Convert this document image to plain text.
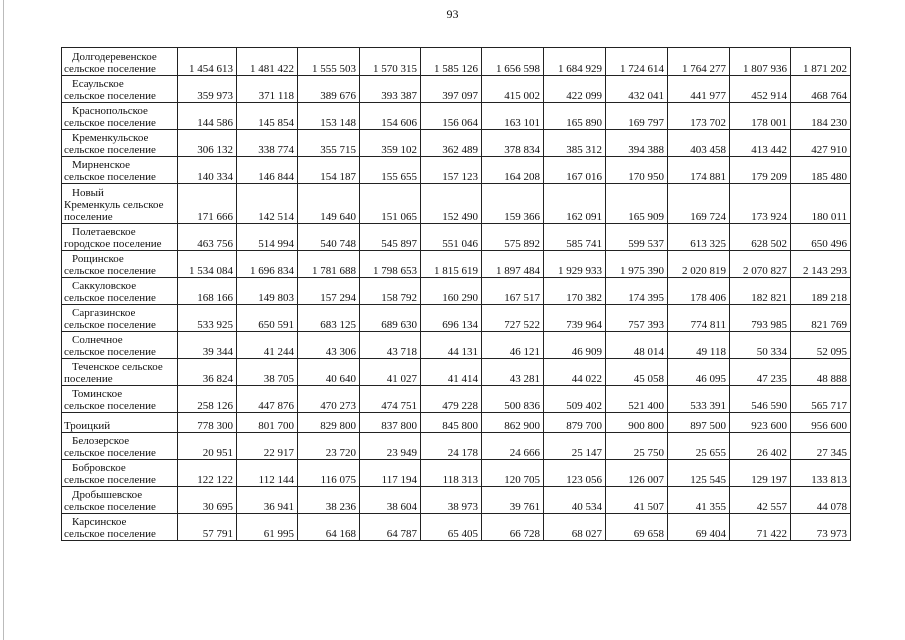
93
Долгодеревенское
сельское поселение	1 454 613	1 481 422	1 555 503	1 570 315	1 585 126	1 656 598	1 684 929	1 724 614	1 764 277	1 807 936	1 871 202

Есаульское
сельское поселение	359 973	371 118	389 676	393 387	397 097	415 002	422 099	432 041	441 977	452 914	468 764

Краснопольское
сельское поселение	144 586	145 854	153 148	154 606	156 064	163 101	165 890	169 797	173 702	178 001	184 230

Кременкульское
сельское поселение	306 132	338 774	355 715	359 102	362 489	378 834	385 312	394 388	403 458	413 442	427 910

Мирненское
сельское поселение	140 334	146 844	154 187	155 655	157 123	164 208	167 016	170 950	174 881	179 209	185 480

Новый
Кременкуль сельское
поселение	171 666	142 514	149 640	151 065	152 490	159 366	162 091	165 909	169 724	173 924	180 011

Полетаевское
городское поселение	463 756	514 994	540 748	545 897	551 046	575 892	585 741	599 537	613 325	628 502	650 496

Рощинское
сельское поселение	1 534 084	1 696 834	1 781 688	1 798 653	1 815 619	1 897 484	1 929 933	1 975 390	2 020 819	2 070 827	2 143 293

Саккуловское
сельское поселение	168 166	149 803	157 294	158 792	160 290	167 517	170 382	174 395	178 406	182 821	189 218

Саргазинское
сельское поселение	533 925	650 591	683 125	689 630	696 134	727 522	739 964	757 393	774 811	793 985	821 769

Солнечное
сельское поселение	39 344	41 244	43 306	43 718	44 131	46 121	46 909	48 014	49 118	50 334	52 095

Теченское сельское
поселение	36 824	38 705	40 640	41 027	41 414	43 281	44 022	45 058	46 095	47 235	48 888

Томинское
сельское поселение	258 126	447 876	470 273	474 751	479 228	500 836	509 402	521 400	533 391	546 590	565 717

Троицкий	778 300	801 700	829 800	837 800	845 800	862 900	879 700	900 800	897 500	923 600	956 600

Белозерское
сельское поселение	20 951	22 917	23 720	23 949	24 178	24 666	25 147	25 750	25 655	26 402	27 345

Бобровское
сельское поселение	122 122	112 144	116 075	117 194	118 313	120 705	123 056	126 007	125 545	129 197	133 813

Дробышевское
сельское поселение	30 695	36 941	38 236	38 604	38 973	39 761	40 534	41 507	41 355	42 557	44 078

Карсинское
сельское поселение	57 791	61 995	64 168	64 787	65 405	66 728	68 027	69 658	69 404	71 422	73 973
